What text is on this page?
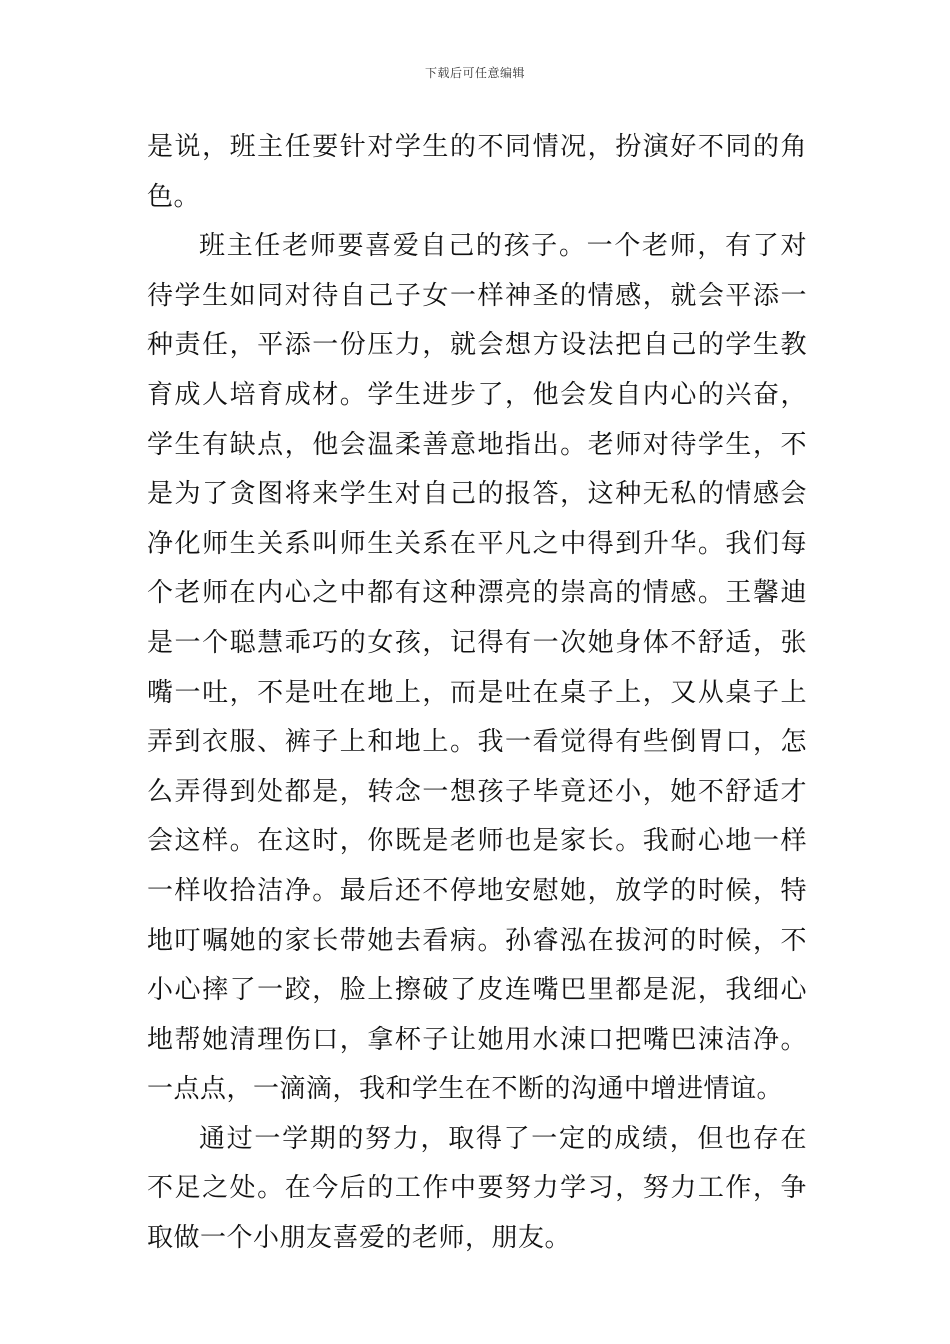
下载后可任意编辑

是说，班主任要针对学生的不同情况，扮演好不同的角色。

班主任老师要喜爱自己的孩子。一个老师，有了对待学生如同对待自己子女一样神圣的情感，就会平添一种责任，平添一份压力，就会想方设法把自己的学生教育成人培育成材。学生进步了，他会发自内心的兴奋，学生有缺点，他会温柔善意地指出。老师对待学生，不是为了贪图将来学生对自己的报答，这种无私的情感会净化师生关系叫师生关系在平凡之中得到升华。我们每个老师在内心之中都有这种漂亮的崇高的情感。王馨迪是一个聪慧乖巧的女孩，记得有一次她身体不舒适，张嘴一吐，不是吐在地上，而是吐在桌子上，又从桌子上弄到衣服、裤子上和地上。我一看觉得有些倒胃口，怎么弄得到处都是，转念一想孩子毕竟还小，她不舒适才会这样。在这时，你既是老师也是家长。我耐心地一样一样收拾洁净。最后还不停地安慰她，放学的时候，特地叮嘱她的家长带她去看病。孙睿泓在拔河的时候，不小心摔了一跤，脸上擦破了皮连嘴巴里都是泥，我细心地帮她清理伤口，拿杯子让她用水涑口把嘴巴涑洁净。一点点，一滴滴，我和学生在不断的沟通中增进情谊。

通过一学期的努力，取得了一定的成绩，但也存在不足之处。在今后的工作中要努力学习，努力工作，争取做一个小朋友喜爱的老师，朋友。
